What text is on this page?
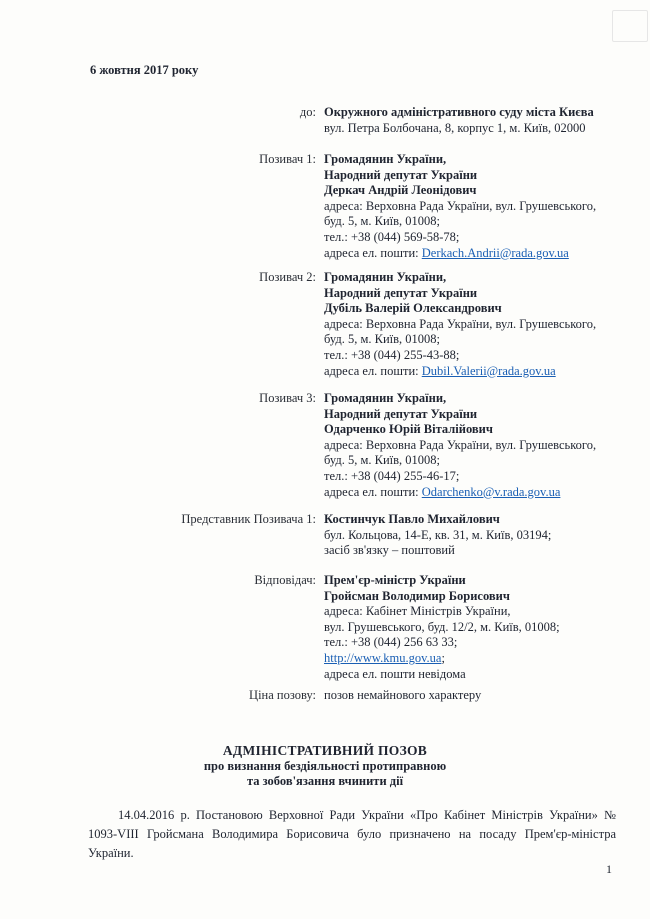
6 жовтня 2017 року
до: Окружного адміністративного суду міста Києва
вул. Петра Болбочана, 8, корпус 1, м. Київ, 02000
Позивач 1: Громадянин України,
Народний депутат України
Деркач Андрій Леонідович
адреса: Верховна Рада України, вул. Грушевського,
буд. 5, м. Київ, 01008;
тел.: +38 (044) 569-58-78;
адреса ел. пошти: Derkach.Andrii@rada.gov.ua
Позивач 2: Громадянин України,
Народний депутат України
Дубіль Валерій Олександрович
адреса: Верховна Рада України, вул. Грушевського,
буд. 5, м. Київ, 01008;
тел.: +38 (044) 255-43-88;
адреса ел. пошти: Dubil.Valerii@rada.gov.ua
Позивач 3: Громадянин України,
Народний депутат України
Одарченко Юрій Віталійович
адреса: Верховна Рада України, вул. Грушевського,
буд. 5, м. Київ, 01008;
тел.: +38 (044) 255-46-17;
адреса ел. пошти: Odarchenko@v.rada.gov.ua
Представник Позивача 1: Костинчук Павло Михайлович
бул. Кольцова, 14-Е, кв. 31, м. Київ, 03194;
засіб зв'язку – поштовий
Відповідач: Прем'єр-міністр України
Гройсман Володимир Борисович
адреса: Кабінет Міністрів України,
вул. Грушевського, буд. 12/2, м. Київ, 01008;
тел.: +38 (044) 256 63 33;
http://www.kmu.gov.ua;
адреса ел. пошти невідома
Ціна позову: позов немайнового характеру
АДМІНІСТРАТИВНИЙ ПОЗОВ
про визнання бездіяльності протиправною
та зобов'язання вчинити дії

14.04.2016 р. Постановою Верховної Ради України «Про Кабінет Міністрів України» № 1093-VIII Гройсмана Володимира Борисовича було призначено на посаду Прем'єр-міністра України.

1
